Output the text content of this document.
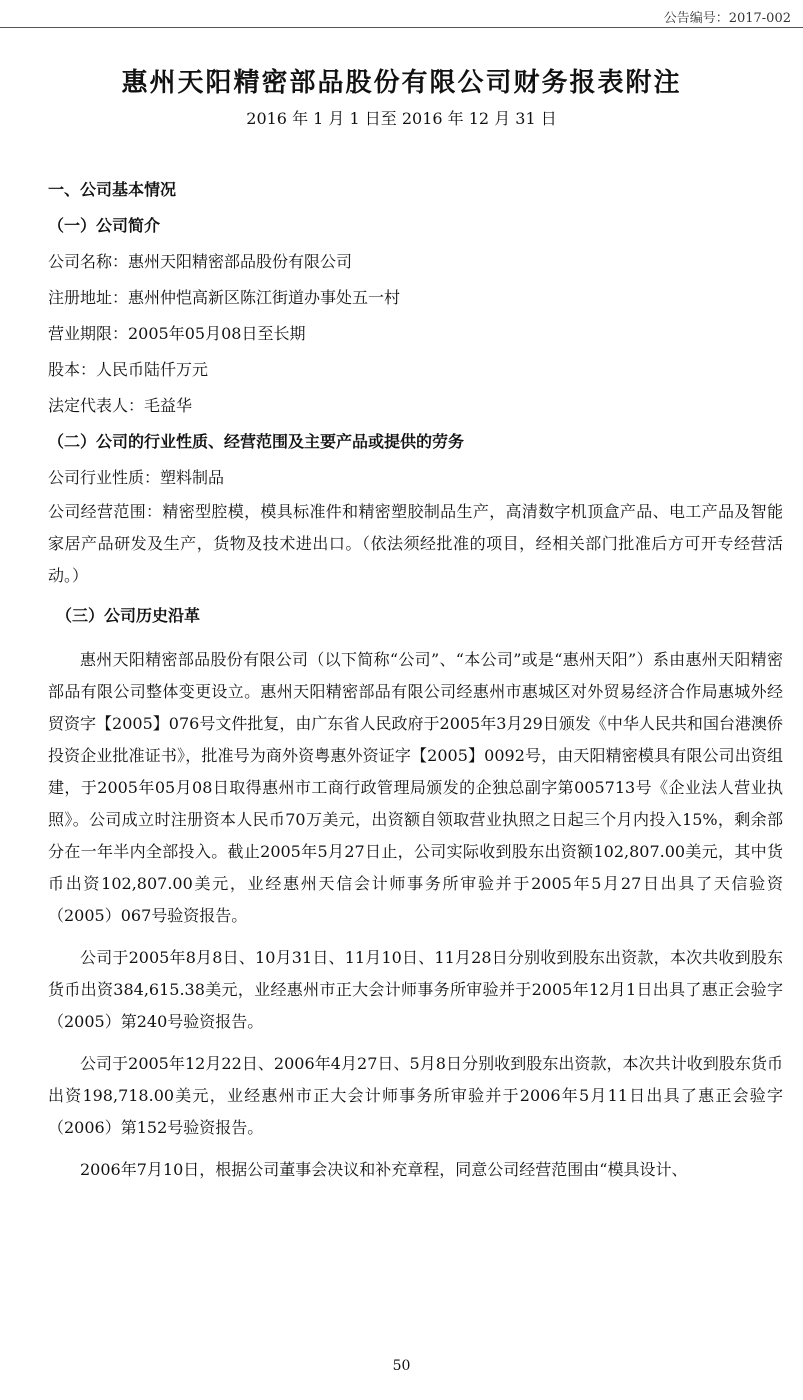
公告编号：2017-002
惠州天阳精密部品股份有限公司财务报表附注
2016 年 1 月 1 日至 2016 年 12 月 31 日
一、公司基本情况
（一）公司简介
公司名称：惠州天阳精密部品股份有限公司
注册地址：惠州仲恺高新区陈江街道办事处五一村
营业期限：2005年05月08日至长期
股本：人民币陆仟万元
法定代表人：毛益华
（二）公司的行业性质、经营范围及主要产品或提供的劳务
公司行业性质：塑料制品

公司经营范围：精密型腔模，模具标准件和精密塑胶制品生产，高清数字机顶盒产品、电工产品及智能家居产品研发及生产，货物及技术进出口。（依法须经批准的项目，经相关部门批准后方可开专经营活动。）

（三）公司历史沿革

惠州天阳精密部品股份有限公司（以下简称“公司”、“本公司”或是“惠州天阳”）系由惠州天阳精密部品有限公司整体变更设立。惠州天阳精密部品有限公司经惠州市惠城区对外贸易经济合作局惠城外经贸资字【2005】076号文件批复，由广东省人民政府于2005年3月29日颁发《中华人民共和国台港澳侨投资企业批准证书》，批准号为商外资粤惠外资证字【2005】0092号，由天阳精密模具有限公司出资组建，于2005年05月08日取得惠州市工商行政管理局颁发的企独总副字第005713号《企业法人营业执照》。公司成立时注册资本人民币70万美元，出资额自领取营业执照之日起三个月内投入15%，剩余部分在一年半内全部投入。截止2005年5月27日止，公司实际收到股东出资额102,807.00美元，其中货币出资102,807.00美元，业经惠州天信会计师事务所审验并于2005年5月27日出具了天信验资（2005）067号验资报告。

公司于2005年8月8日、10月31日、11月10日、11月28日分别收到股东出资款，本次共收到股东货币出资384,615.38美元，业经惠州市正大会计师事务所审验并于2005年12月1日出具了惠正会验字（2005）第240号验资报告。

公司于2005年12月22日、2006年4月27日、5月8日分别收到股东出资款，本次共计收到股东货币出资198,718.00美元，业经惠州市正大会计师事务所审验并于2006年5月11日出具了惠正会验字（2006）第152号验资报告。

2006年7月10日，根据公司董事会决议和补充章程，同意公司经营范围由“模具设计、

50
